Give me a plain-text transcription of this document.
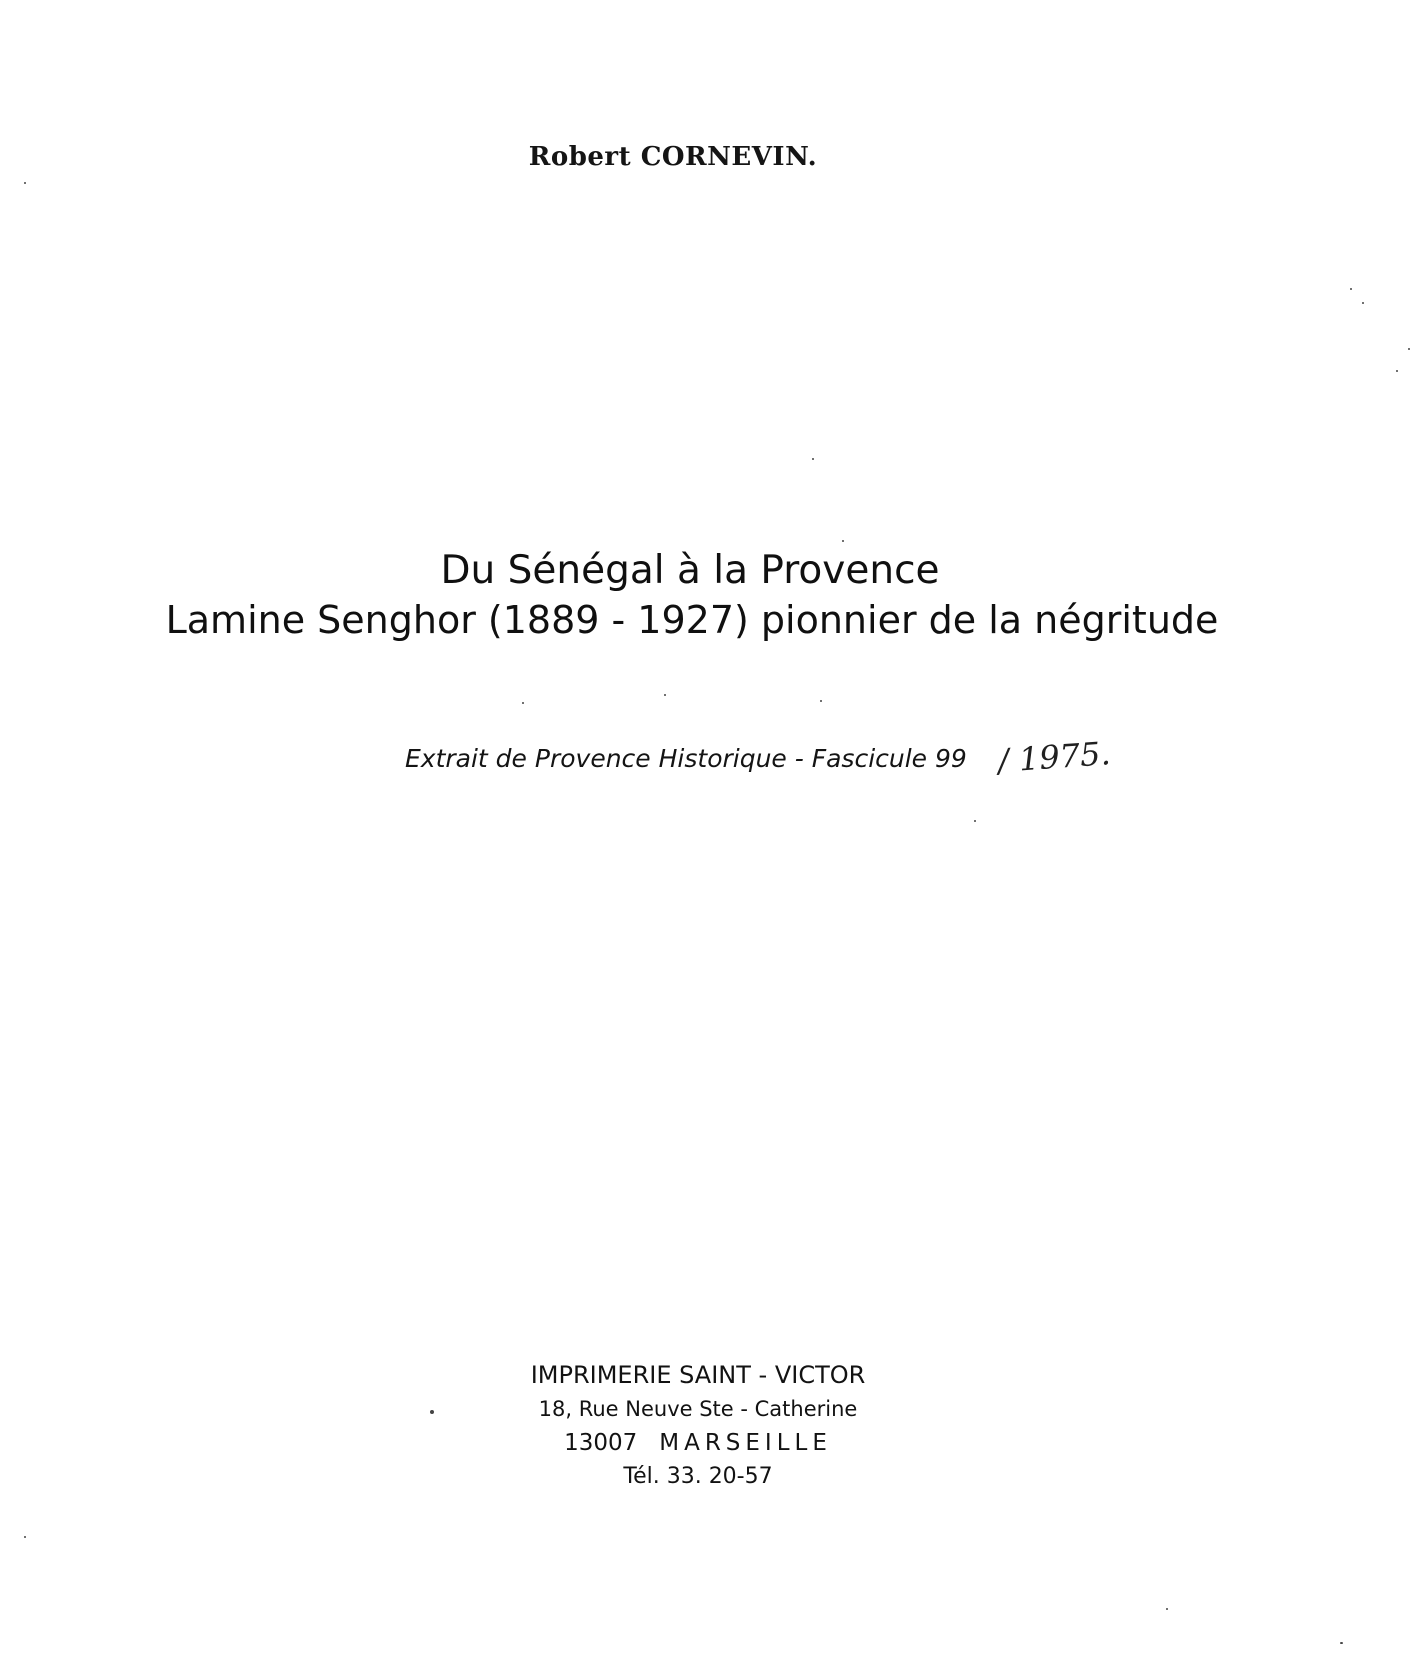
Robert CORNEVIN.
Du Sénégal à la Provence
Lamine Senghor (1889 - 1927) pionnier de la négritude
Extrait de Provence Historique - Fascicule 99 / 1975.
IMPRIMERIE SAINT - VICTOR
18, Rue Neuve Ste - Catherine
13007 MARSEILLE
Tél. 33. 20-57
